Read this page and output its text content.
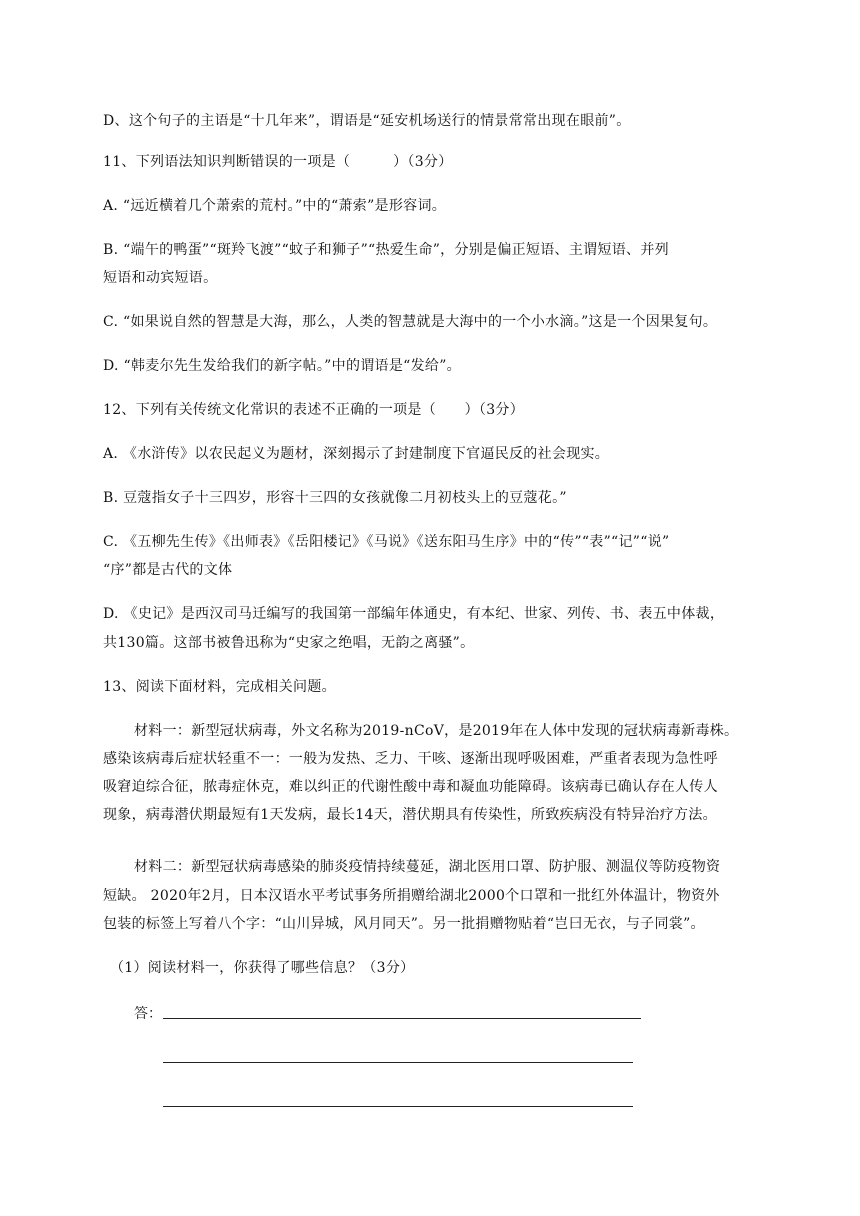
D、这个句子的主语是“十几年来”，谓语是“延安机场送行的情景常常出现在眼前”。
11、下列语法知识判断错误的一项是（　　　）（3分）
A. “远近横着几个萧索的荒村。”中的“萧索”是形容词。
B. “端午的鸭蛋”“斑羚飞渡”“蚊子和狮子”“热爱生命”，分别是偏正短语、主谓短语、并列
短语和动宾短语。
C. “如果说自然的智慧是大海，那么，人类的智慧就是大海中的一个小水滴。”这是一个因果复句。
D. “韩麦尔先生发给我们的新字帖。”中的谓语是“发给”。
12、下列有关传统文化常识的表述不正确的一项是（　　）（3分）
A. 《水浒传》以农民起义为题材，深刻揭示了封建制度下官逼民反的社会现实。
B. 豆蔻指女子十三四岁，形容十三四的女孩就像二月初枝头上的豆蔻花。”
C. 《五柳先生传》《出师表》《岳阳楼记》《马说》《送东阳马生序》中的“传”“表”“记”“说”
“序”都是古代的文体
D. 《史记》是西汉司马迁编写的我国第一部编年体通史，有本纪、世家、列传、书、表五中体裁，
共130篇。这部书被鲁迅称为“史家之绝唱，无韵之离骚”。
13、阅读下面材料，完成相关问题。
材料一：新型冠状病毒，外文名称为2019-nCoV，是2019年在人体中发现的冠状病毒新毒株。
感染该病毒后症状轻重不一：一般为发热、乏力、干咳、逐渐出现呼吸困难，严重者表现为急性呼
吸窘迫综合征，脓毒症休克，难以纠正的代谢性酸中毒和凝血功能障碍。该病毒已确认存在人传人
现象，病毒潜伏期最短有1天发病，最长14天，潜伏期具有传染性，所致疾病没有特异治疗方法。
材料二：新型冠状病毒感染的肺炎疫情持续蔓延，湖北医用口罩、防护服、测温仪等防疫物资
短缺。 2020年2月，日本汉语水平考试事务所捐赠给湖北2000个口罩和一批红外体温计，物资外
包装的标签上写着八个字：“山川异城，风月同天”。另一批捐赠物贴着“岂曰无衣，与子同裳”。
（1）阅读材料一，你获得了哪些信息？（3分）
答：
